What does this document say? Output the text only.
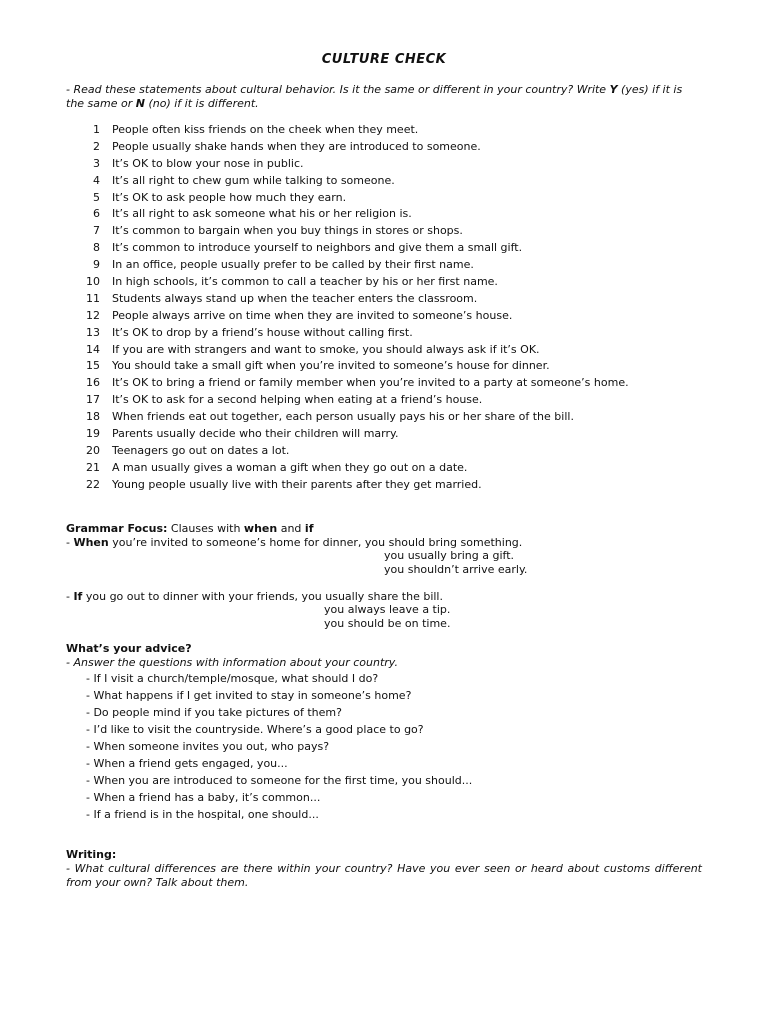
CULTURE CHECK
- Read these statements about cultural behavior. Is it the same or different in your country? Write Y (yes) if it is the same or N (no) if it is different.
1 People often kiss friends on the cheek when they meet.
2 People usually shake hands when they are introduced to someone.
3 It’s OK to blow your nose in public.
4 It’s all right to chew gum while talking to someone.
5 It’s OK to ask people how much they earn.
6 It’s all right to ask someone what his or her religion is.
7 It’s common to bargain when you buy things in stores or shops.
8 It’s common to introduce yourself to neighbors and give them a small gift.
9 In an office, people usually prefer to be called by their first name.
10 In high schools, it’s common to call a teacher by his or her first name.
11 Students always stand up when the teacher enters the classroom.
12 People always arrive on time when they are invited to someone’s house.
13 It’s OK to drop by a friend’s house without calling first.
14 If you are with strangers and want to smoke, you should always ask if it’s OK.
15 You should take a small gift when you’re invited to someone’s house for dinner.
16 It’s OK to bring a friend or family member when you’re invited to a party at someone’s home.
17 It’s OK to ask for a second helping when eating at a friend’s house.
18 When friends eat out together, each person usually pays his or her share of the bill.
19 Parents usually decide who their children will marry.
20 Teenagers go out on dates a lot.
21 A man usually gives a woman a gift when they go out on a date.
22 Young people usually live with their parents after they get married.
Grammar Focus: Clauses with when and if
- When you’re invited to someone’s home for dinner, you should bring something.
you usually bring a gift.
you shouldn’t arrive early.
- If you go out to dinner with your friends, you usually share the bill.
you always leave a tip.
you should be on time.
What’s your advice?
- Answer the questions with information about your country.
- If I visit a church/temple/mosque, what should I do?
- What happens if I get invited to stay in someone’s home?
- Do people mind if you take pictures of them?
- I’d like to visit the countryside. Where’s a good place to go?
- When someone invites you out, who pays?
- When a friend gets engaged, you...
- When you are introduced to someone for the first time, you should...
- When a friend has a baby, it’s common...
- If a friend is in the hospital, one should...
Writing:
- What cultural differences are there within your country? Have you ever seen or heard about customs different from your own? Talk about them.
